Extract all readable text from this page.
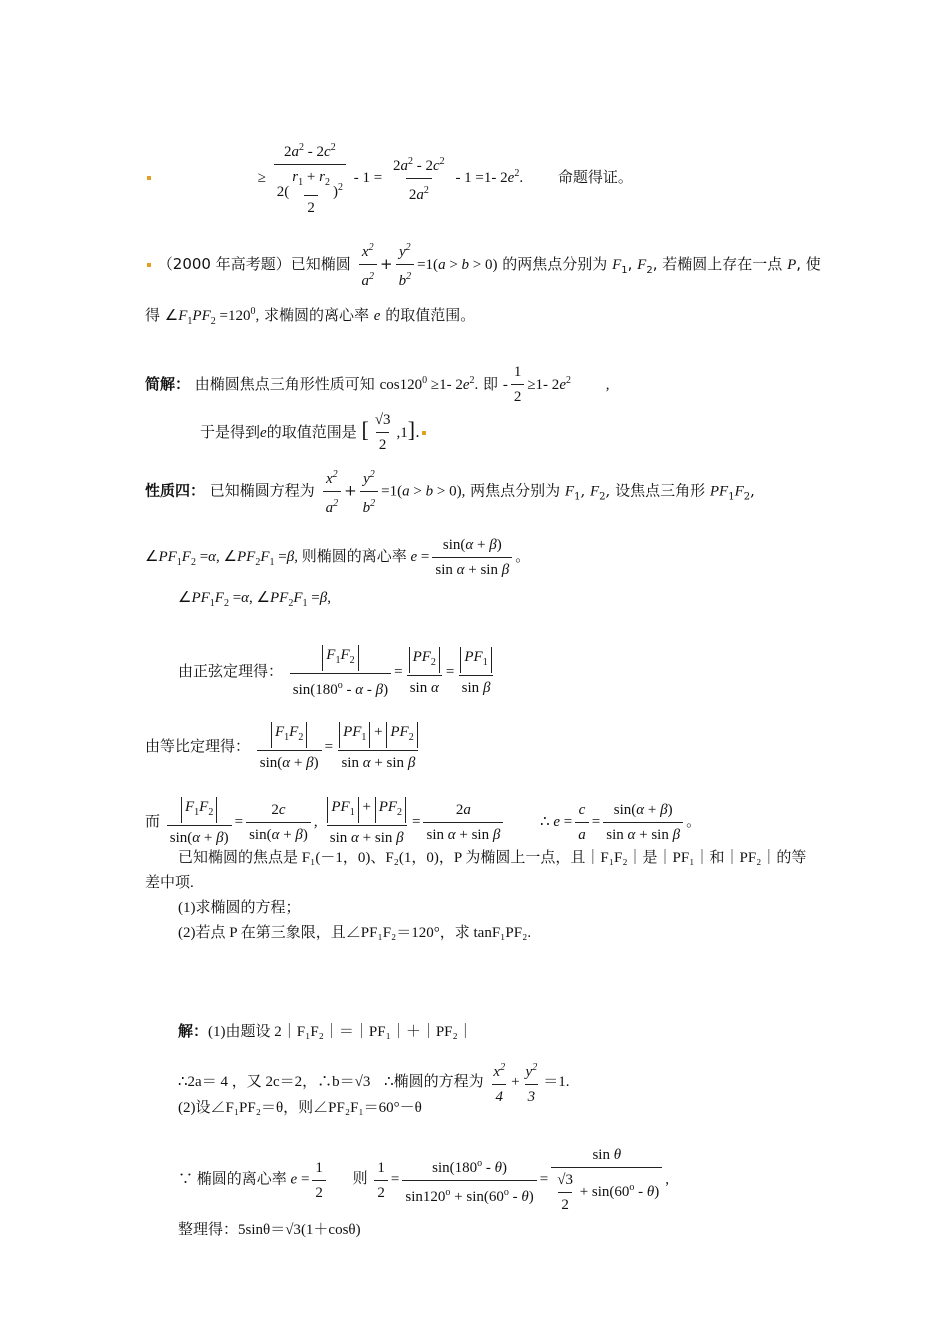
≥ $\frac{2a^2 - 2c^2}{2( \frac{r_1 + r_2}{2} )^2} - 1 = \frac{2a^2 - 2c^2}{2a^2} - 1 =1-$ $2e^2$. 命题得证。
（2000 年高考题）已知椭圆 $\frac{x^2}{a^2} + \frac{y^2}{b^2} =1(a > b > 0)$ 的两焦点分别为 $F_1$, $F_2$, 若椭圆上存在一点 P, 使
得 $\angle F_1PF_2 =120^0$, 求椭圆的离心率 e 的取值范围。
简解： 由椭圆焦点三角形性质可知 $\cos 120^0 \ge 1-$ $2e^2$. 即 - $\frac{1}{2} \ge 1-$ $2e^2$ ,
于是得到e的取值范围是 [ $\frac{√3}{2} ,1$].
性质四： 已知椭圆方程为 $\frac{x^2}{a^2} + \frac{y^2}{b^2} =1(a > b > 0)$, 两焦点分别为 $F_1$, $F_2$, 设焦点三角形 $PF_1F_2$,
$\angle PF_1F_2 =\alpha$, $\angle PF_2F_1 =\beta$, 则椭圆的离心率 $e = \frac{\sin(\alpha + \beta)}{\text{sin α + sin β}}$ 。
$\angle PF_1F_2 =\alpha$, $\angle PF_2F_1 =\beta$,
由正弦定理得： $\frac{F_1F_2}{\sin(180^o - \alpha - \beta)} = \frac{PF_2}{\text{sin α}} = \frac{PF_1}{\text{sin β}}$
由等比定理得： $\frac{F_1F_2}{\sin(\alpha + \beta)} = \frac{PF_1 + PF_2}{\text{sin α + sin β}}$
而 $\frac{F_1F_2}{\sin(\alpha + \beta)} = \frac{2c}{\sin(\alpha + \beta)}$ , $\frac{PF_1 + PF_2}{\text{sin α + sin β}} = \frac{2a}{\text{sin α + sin β}}$ ∴ $e = \frac{c}{a} = \frac{\sin(\alpha + \beta)}{\text{sin α + sin β}}$ 。
已知椭圆的焦点是 F₁(－1，0)、F₂(1，0)，P 为椭圆上一点，且｜F₁F₂｜是｜PF₁｜和｜PF₂｜的等
差中项.
(1)求椭圆的方程；
(2)若点 P 在第三象限，且∠PF₁F₂＝120°，求 tanF₁PF₂.
解：(1)由题设 2｜F₁F₂｜＝｜PF₁｜＋｜PF₂｜
∴2a＝ 4 ，又 2c＝2，∴b＝√3 ∴椭圆的方程为 $\frac{x^2}{4} + \frac{y^2}{3} =1$.
(2)设∠F₁PF₂＝θ，则∠PF₂F₁＝60°－θ
∵ 椭圆的离心率 $e = \frac{1}{2}$ 则 $\frac{1}{2} = \frac{\sin(180^o - \theta)}{\sin 120^o + \sin(60^o - \theta)} = \frac{\text{sin θ}}{\frac{√3}{2} + \sin(60^o - \theta)}$ ,
整理得：5sinθ＝√3(1＋cosθ)
